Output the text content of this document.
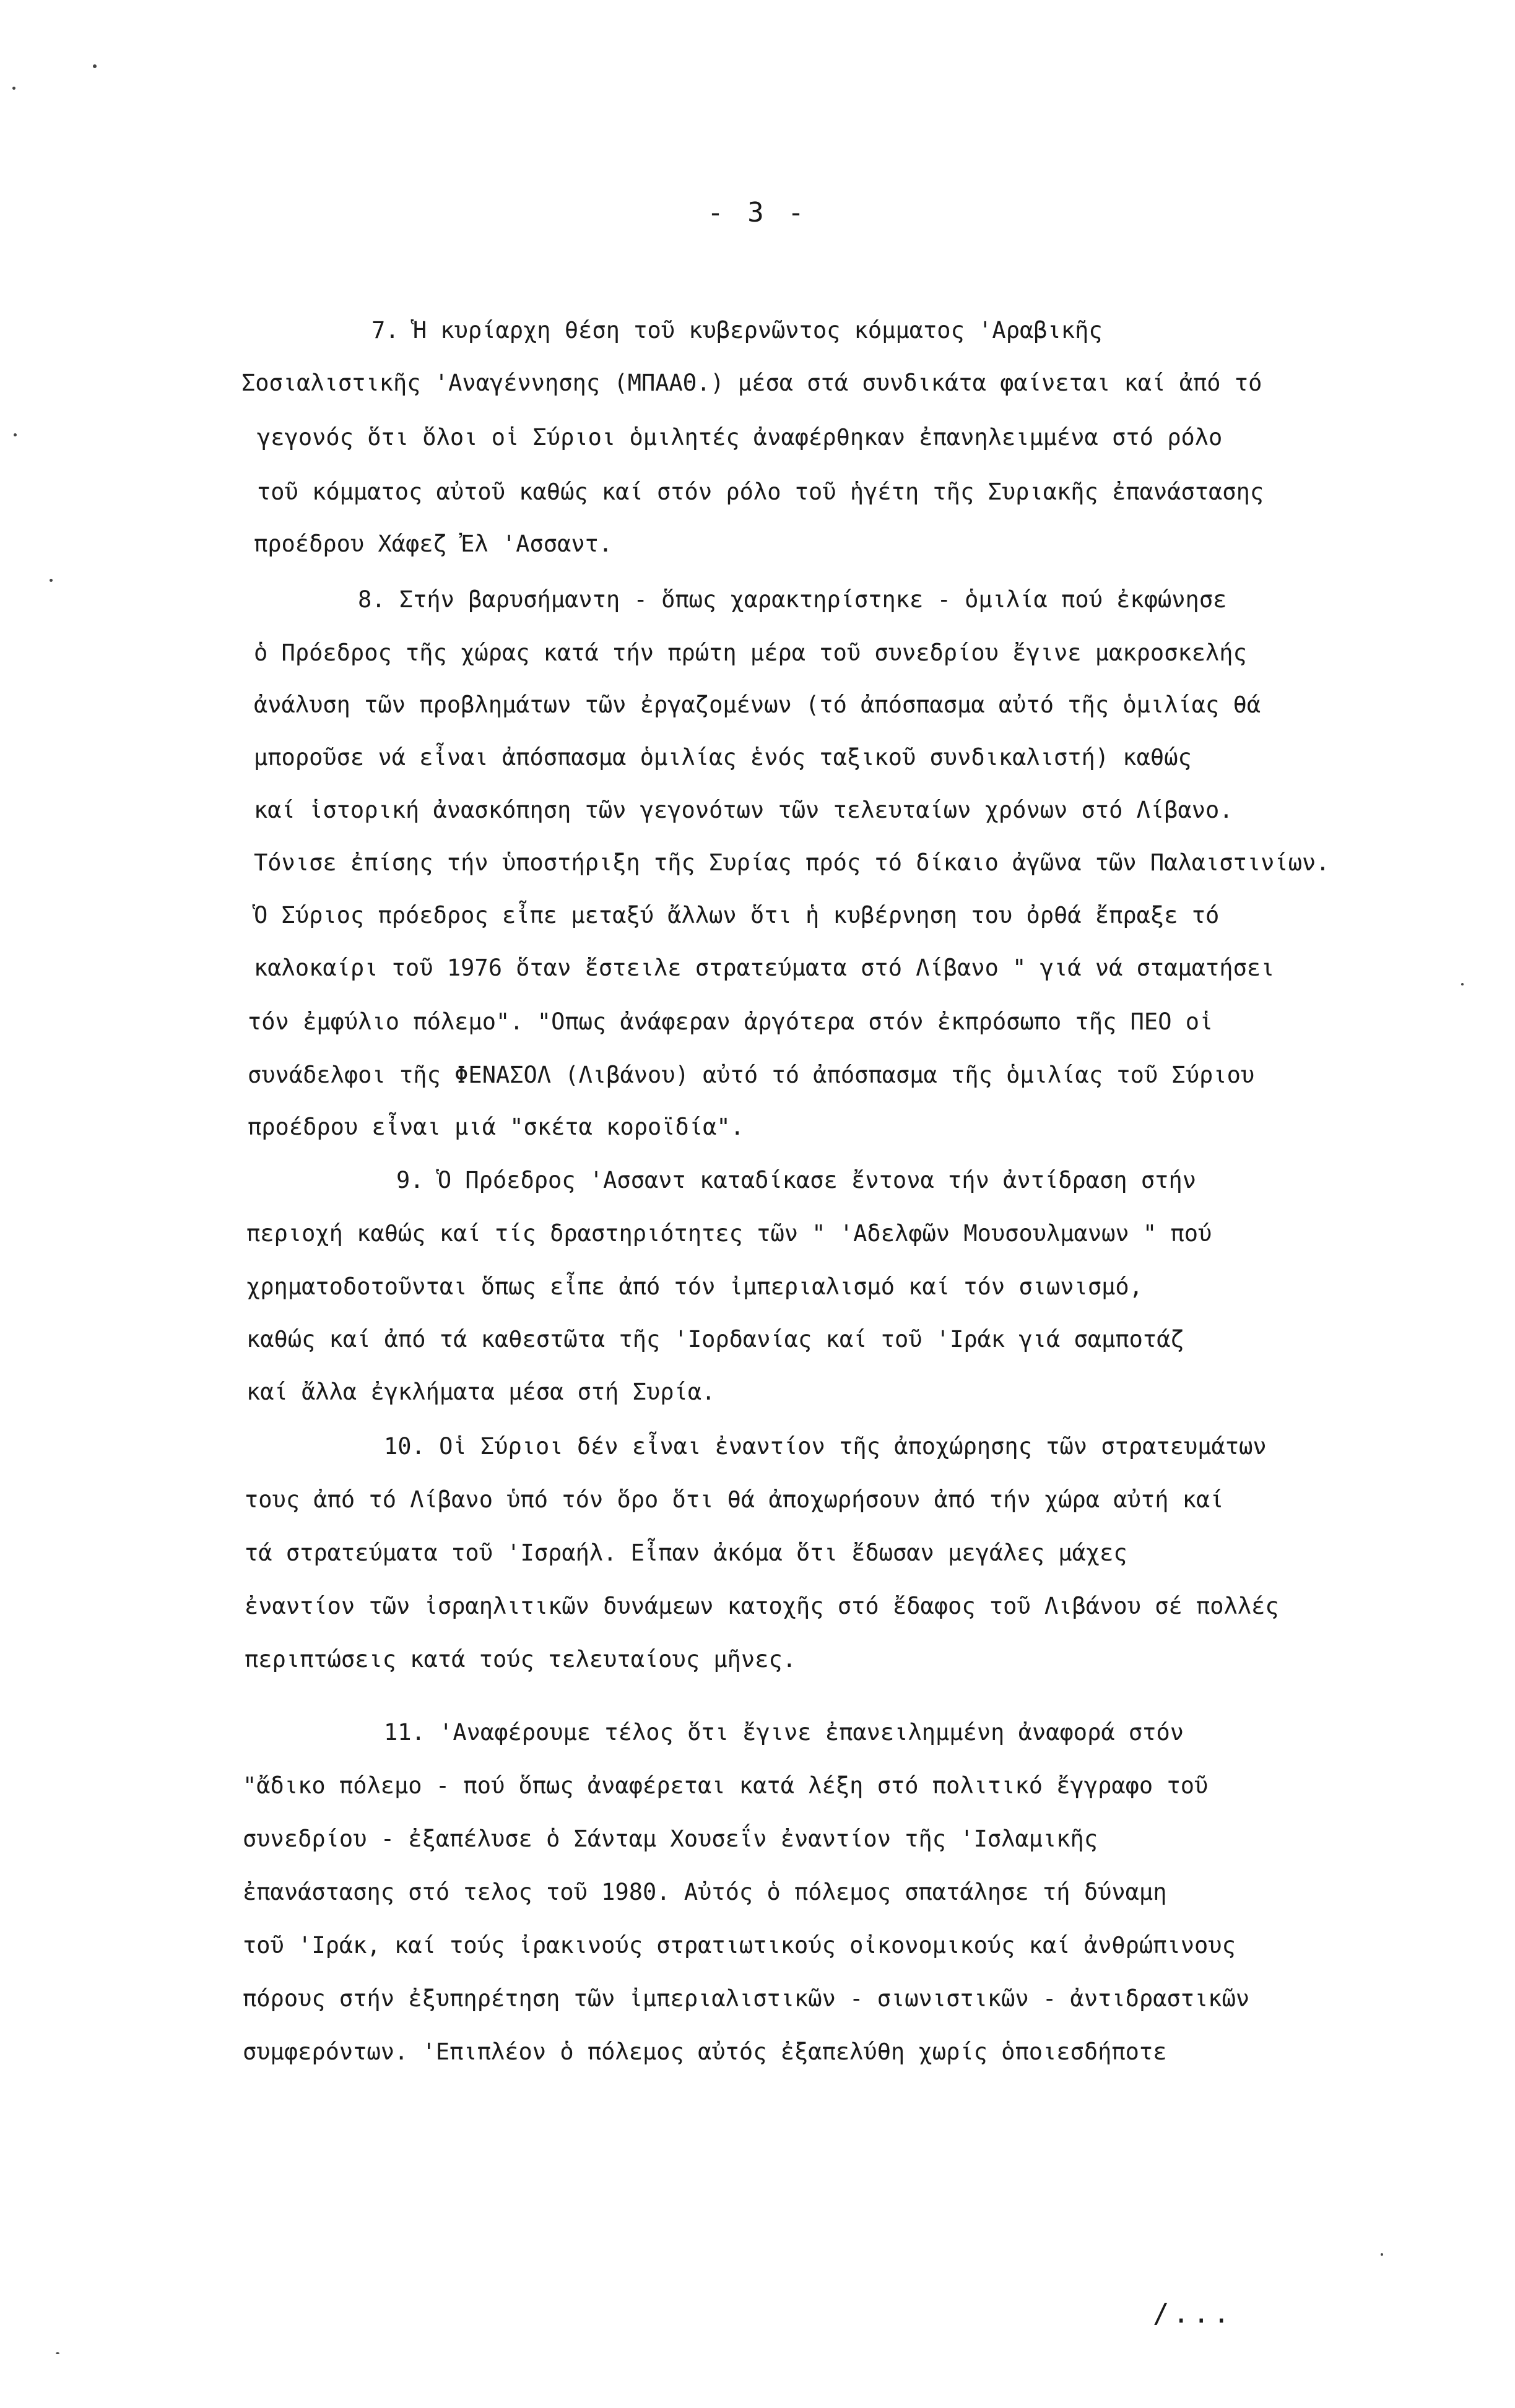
- 3 -
7. Ἡ κυρίαρχη θέση τοῦ κυβερνῶντος κόμματος 'Αραβικῆς
Σοσιαλιστικῆς 'Αναγέννησης (ΜΠΑΑΘ.) μέσα στά συνδικάτα φαίνεται καί ἀπό τό
γεγονός ὅτι ὅλοι οἱ Σύριοι ὁμιλητές ἀναφέρθηκαν ἐπανηλειμμένα στό ρόλο
τοῦ κόμματος αὐτοῦ καθώς καί στόν ρόλο τοῦ ἡγέτη τῆς Συριακῆς ἐπανάστασης
προέδρου Χάφεζ Ἐλ 'Ασσαντ.
8. Στήν βαρυσήμαντη - ὅπως χαρακτηρίστηκε - ὁμιλία πού ἐκφώνησε
ὁ Πρόεδρος τῆς χώρας κατά τήν πρώτη μέρα τοῦ συνεδρίου ἔγινε μακροσκελής
ἀνάλυση τῶν προβλημάτων τῶν ἐργαζομένων (τό ἀπόσπασμα αὐτό τῆς ὁμιλίας θά
μποροῦσε νά εἶναι ἀπόσπασμα ὁμιλίας ἑνός ταξικοῦ συνδικαλιστή) καθώς
καί ἱστορική ἀνασκόπηση τῶν γεγονότων τῶν τελευταίων χρόνων στό Λίβανο.
Τόνισε ἐπίσης τήν ὑποστήριξη τῆς Συρίας πρός τό δίκαιο ἀγῶνα τῶν Παλαιστινίων.
Ὁ Σύριος πρόεδρος εἶπε μεταξύ ἄλλων ὅτι ἡ κυβέρνηση του ὀρθά ἔπραξε τό
καλοκαίρι τοῦ 1976 ὅταν ἔστειλε στρατεύματα στό Λίβανο " γιά νά σταματήσει
τόν ἐμφύλιο πόλεμο". "Οπως ἀνάφεραν ἀργότερα στόν ἐκπρόσωπο τῆς ΠΕΟ οἱ
συνάδελφοι τῆς ΦΕΝΑΣΟΛ (Λιβάνου) αὐτό τό ἀπόσπασμα τῆς ὁμιλίας τοῦ Σύριου
προέδρου εἶναι μιά "σκέτα κοροϊδία".
9. Ὁ Πρόεδρος 'Ασσαντ καταδίκασε ἔντονα τήν ἀντίδραση στήν
περιοχή καθώς καί τίς δραστηριότητες τῶν " 'Αδελφῶν Μουσουλμανων " πού
χρηματοδοτοῦνται ὅπως εἶπε ἀπό τόν ἰμπεριαλισμό καί τόν σιωνισμό,
καθώς καί ἀπό τά καθεστῶτα τῆς 'Ιορδανίας καί τοῦ 'Ιράκ γιά σαμποτάζ
καί ἄλλα ἐγκλήματα μέσα στή Συρία.
10. Οἱ Σύριοι δέν εἶναι ἐναντίον τῆς ἀποχώρησης τῶν στρατευμάτων
τους ἀπό τό Λίβανο ὑπό τόν ὅρο ὅτι θά ἀποχωρήσουν ἀπό τήν χώρα αὐτή καί
τά στρατεύματα τοῦ 'Ισραήλ. Εἶπαν ἀκόμα ὅτι ἔδωσαν μεγάλες μάχες
ἐναντίον τῶν ἰσραηλιτικῶν δυνάμεων κατοχῆς στό ἔδαφος τοῦ Λιβάνου σέ πολλές
περιπτώσεις κατά τούς τελευταίους μῆνες.
11. 'Αναφέρουμε τέλος ὅτι ἔγινε ἐπανειλημμένη ἀναφορά στόν
"ἄδικο πόλεμο - πού ὅπως ἀναφέρεται κατά λέξη στό πολιτικό ἔγγραφο τοῦ
συνεδρίου - ἐξαπέλυσε ὁ Σάνταμ Χουσεΐν ἐναντίον τῆς 'Ισλαμικῆς
ἐπανάστασης στό τελος τοῦ 1980. Αὐτός ὁ πόλεμος σπατάλησε τή δύναμη
τοῦ 'Ιράκ, καί τούς ἰρακινούς στρατιωτικούς οἰκονομικούς καί ἀνθρώπινους
πόρους στήν ἐξυπηρέτηση τῶν ἰμπεριαλιστικῶν - σιωνιστικῶν - ἀντιδραστικῶν
συμφερόντων. 'Επιπλέον ὁ πόλεμος αὐτός ἐξαπελύθη χωρίς ὁποιεσδήποτε
/...
